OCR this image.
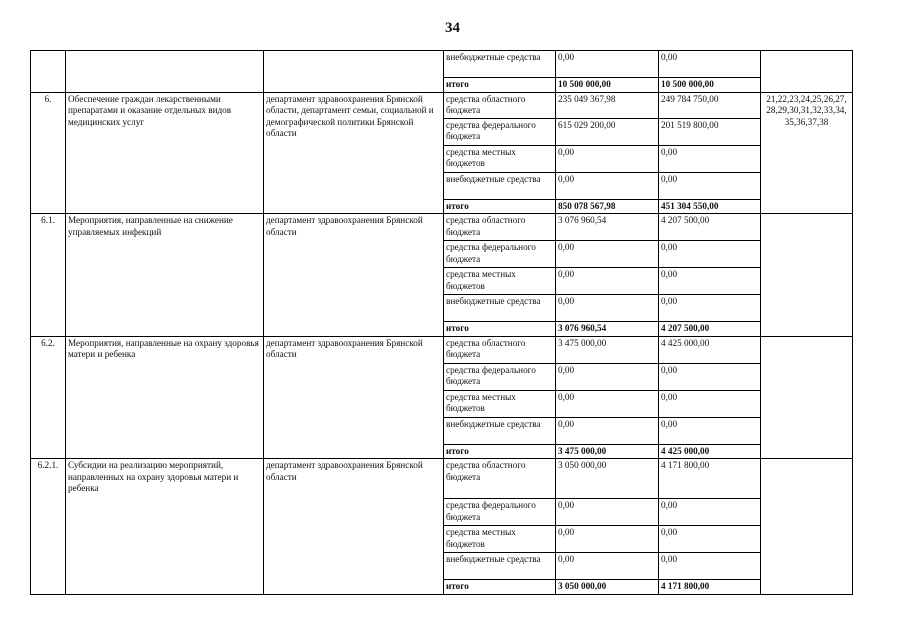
34
			внебюджетные средства	0,00	0,00	
			итого	10 500 000,00	10 500 000,00	
6.	Обеспечение граждан лекарственными препаратами и оказание отдельных видов медицинских услуг	департамент здравоохранения Брянской области, департамент семьи, социальной и демографической политики Брянской области	средства областного бюджета	235 049 367,98	249 784 750,00	21,22,23,24,25,26,27, 28,29,30,31,32,33,34, 35,36,37,38
			средства федерального бюджета	615 029 200,00	201 519 800,00	
			средства местных бюджетов	0,00	0,00	
			внебюджетные средства	0,00	0,00	
			итого	850 078 567,98	451 304 550,00	
6.1.	Мероприятия, направленные на снижение управляемых инфекций	департамент здравоохранения Брянской области	средства областного бюджета	3 076 960,54	4 207 500,00	
			средства федерального бюджета	0,00	0,00	
			средства местных бюджетов	0,00	0,00	
			внебюджетные средства	0,00	0,00	
			итого	3 076 960,54	4 207 500,00	
6.2.	Мероприятия, направленные на охрану здоровья матери и ребенка	департамент здравоохранения Брянской области	средства областного бюджета	3 475 000,00	4 425 000,00	
			средства федерального бюджета	0,00	0,00	
			средства местных бюджетов	0,00	0,00	
			внебюджетные средства	0,00	0,00	
			итого	3 475 000,00	4 425 000,00	
6.2.1.	Субсидии на реализацию мероприятий, направленных на охрану здоровья матери и ребенка	департамент здравоохранения Брянской области	средства областного бюджета	3 050 000,00	4 171 800,00	
			средства федерального бюджета	0,00	0,00	
			средства местных бюджетов	0,00	0,00	
			внебюджетные средства	0,00	0,00	
			итого	3 050 000,00	4 171 800,00	
